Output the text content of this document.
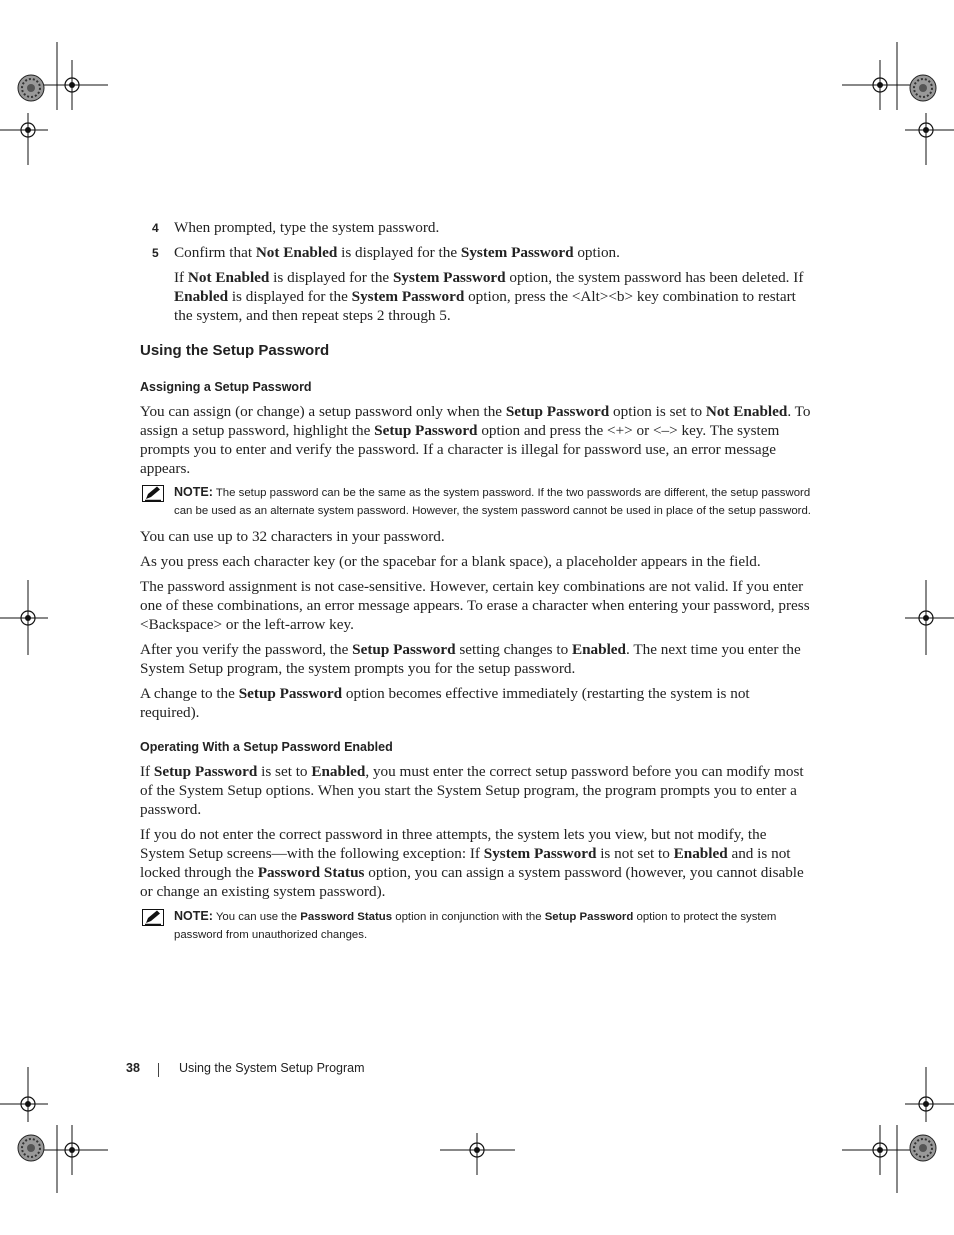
4 When prompted, type the system password.

5 Confirm that Not Enabled is displayed for the System Password option.

If Not Enabled is displayed for the System Password option, the system password has been deleted. If Enabled is displayed for the System Password option, press the <Alt><b> key combination to restart the system, and then repeat steps 2 through 5.

Using the Setup Password
Assigning a Setup Password

You can assign (or change) a setup password only when the Setup Password option is set to Not Enabled. To assign a setup password, highlight the Setup Password option and press the <+> or <–> key. The system prompts you to enter and verify the password. If a character is illegal for password use, an error message appears.

NOTE: The setup password can be the same as the system password. If the two passwords are different, the setup password can be used as an alternate system password. However, the system password cannot be used in place of the setup password.

You can use up to 32 characters in your password.

As you press each character key (or the spacebar for a blank space), a placeholder appears in the field.

The password assignment is not case-sensitive. However, certain key combinations are not valid. If you enter one of these combinations, an error message appears. To erase a character when entering your password, press <Backspace> or the left-arrow key.

After you verify the password, the Setup Password setting changes to Enabled. The next time you enter the System Setup program, the system prompts you for the setup password.

A change to the Setup Password option becomes effective immediately (restarting the system is not required).

Operating With a Setup Password Enabled

If Setup Password is set to Enabled, you must enter the correct setup password before you can modify most of the System Setup options. When you start the System Setup program, the program prompts you to enter a password.

If you do not enter the correct password in three attempts, the system lets you view, but not modify, the System Setup screens—with the following exception: If System Password is not set to Enabled and is not locked through the Password Status option, you can assign a system password (however, you cannot disable or change an existing system password).

NOTE: You can use the Password Status option in conjunction with the Setup Password option to protect the system password from unauthorized changes.
38	Using the System Setup Program
